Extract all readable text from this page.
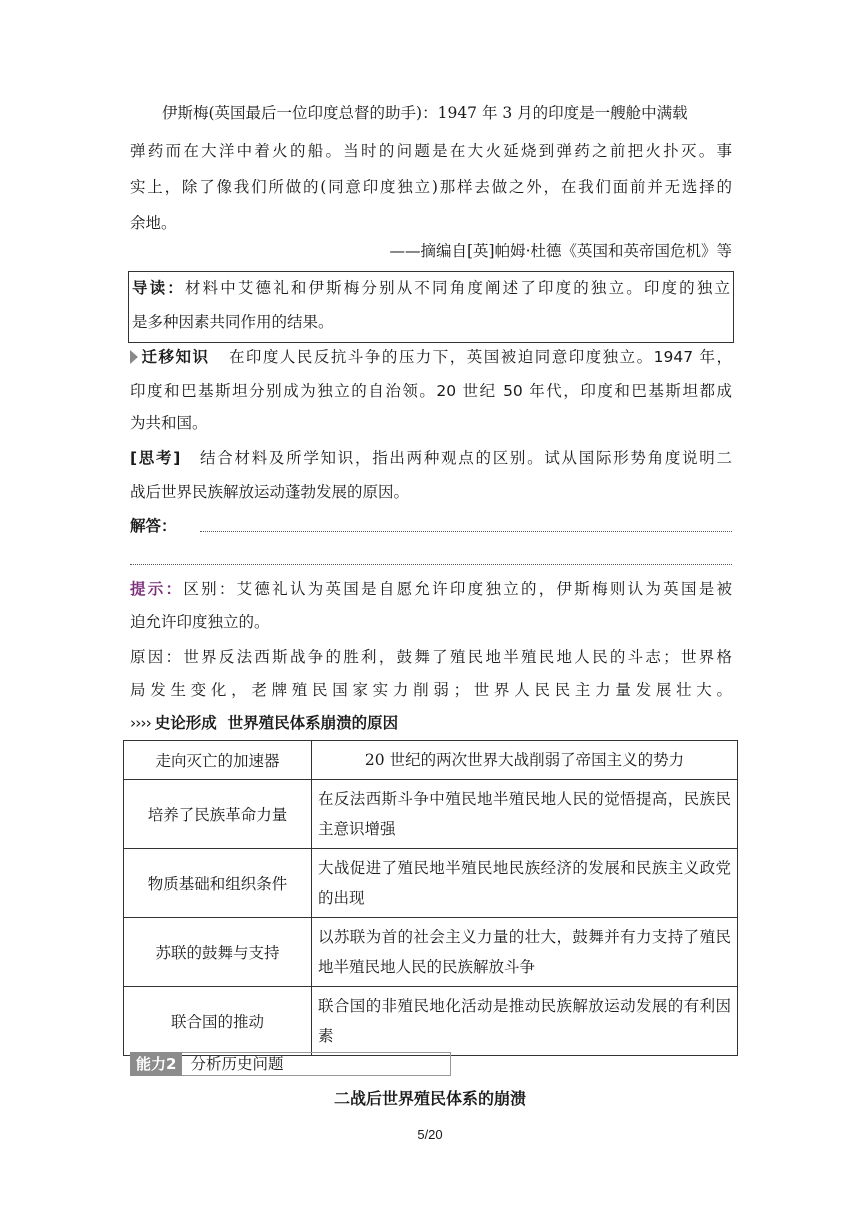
伊斯梅(英国最后一位印度总督的助手)：1947 年 3 月的印度是一艘舱中满载
弹药而在大洋中着火的船。当时的问题是在大火延烧到弹药之前把火扑灭。事
实上，除了像我们所做的(同意印度独立)那样去做之外，在我们面前并无选择的
余地。
——摘编自[英]帕姆·杜德《英国和英帝国危机》等
导读：材料中艾德礼和伊斯梅分别从不同角度阐述了印度的独立。印度的独立
是多种因素共同作用的结果。
迁移知识 在印度人民反抗斗争的压力下，英国被迫同意印度独立。1947 年，
印度和巴基斯坦分别成为独立的自治领。20 世纪 50 年代，印度和巴基斯坦都成
为共和国。
[思考] 结合材料及所学知识，指出两种观点的区别。试从国际形势角度说明二
战后世界民族解放运动蓬勃发展的原因。
解答：
提示：区别：艾德礼认为英国是自愿允许印度独立的，伊斯梅则认为英国是被
迫允许印度独立的。
原因：世界反法西斯战争的胜利，鼓舞了殖民地半殖民地人民的斗志；世界格
局发生变化，老牌殖民国家实力削弱；世界人民民主力量发展壮大。
›››› 史论形成  世界殖民体系崩溃的原因
走向灭亡的加速器	20 世纪的两次世界大战削弱了帝国主义的势力
培养了民族革命力量	在反法西斯斗争中殖民地半殖民地人民的觉悟提高，民族民主意识增强
物质基础和组织条件	大战促进了殖民地半殖民地民族经济的发展和民族主义政党的出现
苏联的鼓舞与支持	以苏联为首的社会主义力量的壮大，鼓舞并有力支持了殖民地半殖民地人民的民族解放斗争
联合国的推动	联合国的非殖民地化活动是推动民族解放运动发展的有利因素
能力2 分析历史问题
二战后世界殖民体系的崩溃
5/20
